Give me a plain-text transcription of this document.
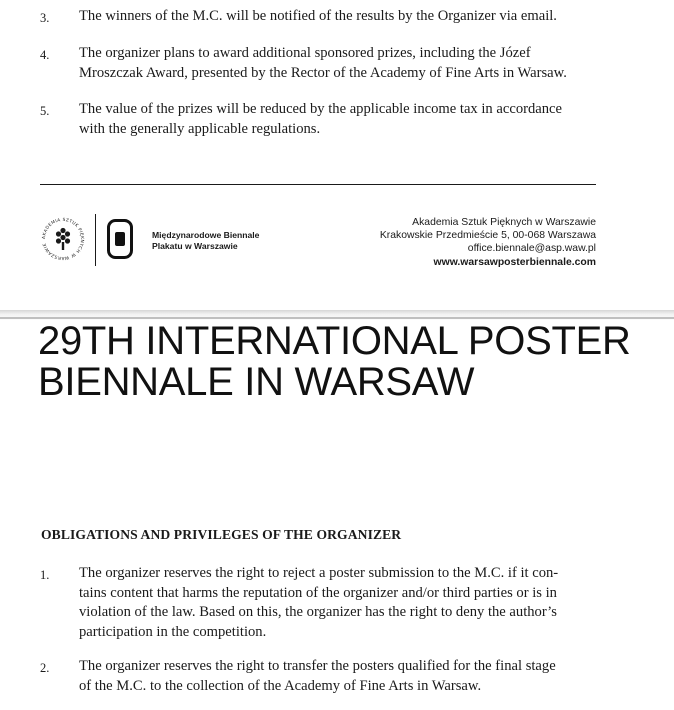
3. The winners of the M.C. will be notified of the results by the Organizer via email.
4. The organizer plans to award additional sponsored prizes, including the Józef
Mroszczak Award, presented by the Rector of the Academy of Fine Arts in Warsaw.
5. The value of the prizes will be reduced by the applicable income tax in accordance
with the generally applicable regulations.
AKADEMIA SZTUK PIĘKNYCH W WARSZAWIE
Międzynarodowe Biennale
Plakatu w Warszawie
Akademia Sztuk Pięknych w Warszawie
Krakowskie Przedmieście 5, 00-068 Warszawa
office.biennale@asp.waw.pl
www.warsawposterbiennale.com
29TH INTERNATIONAL POSTER
BIENNALE IN WARSAW
OBLIGATIONS AND PRIVILEGES OF THE ORGANIZER
1. The organizer reserves the right to reject a poster submission to the M.C. if it con-
tains content that harms the reputation of the organizer and/or third parties or is in
violation of the law. Based on this, the organizer has the right to deny the author’s
participation in the competition.
2. The organizer reserves the right to transfer the posters qualified for the final stage
of the M.C. to the collection of the Academy of Fine Arts in Warsaw.
